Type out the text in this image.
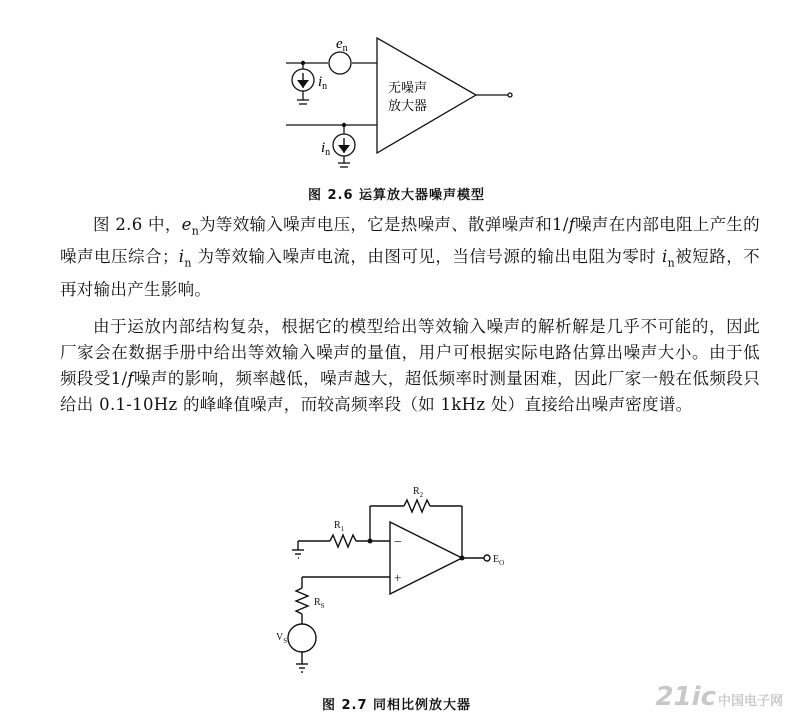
$e_n$
$i_n$
$i_n$
无噪声
放大器
图 2.6 运算放大器噪声模型

图 2.6 中，$e_n$为等效输入噪声电压，它是热噪声、散弹噪声和1/f噪声在内部电阻上产生的噪声电压综合；$i_n$ 为等效输入噪声电流，由图可见，当信号源的输出电阻为零时 $i_n$被短路，不再对输出产生影响。

由于运放内部结构复杂，根据它的模型给出等效输入噪声的解析解是几乎不可能的，因此厂家会在数据手册中给出等效输入噪声的量值，用户可根据实际电路估算出噪声大小。由于低频段受1/f噪声的影响，频率越低，噪声越大，超低频率时测量困难，因此厂家一般在低频段只给出 0.1-10Hz 的峰峰值噪声，而较高频率段（如 1kHz 处）直接给出噪声密度谱。

$R_2$
$R_1$
$R_S$
$V_S$
$E_O$
−
+
图 2.7 同相比例放大器	21ic 中国电子网
